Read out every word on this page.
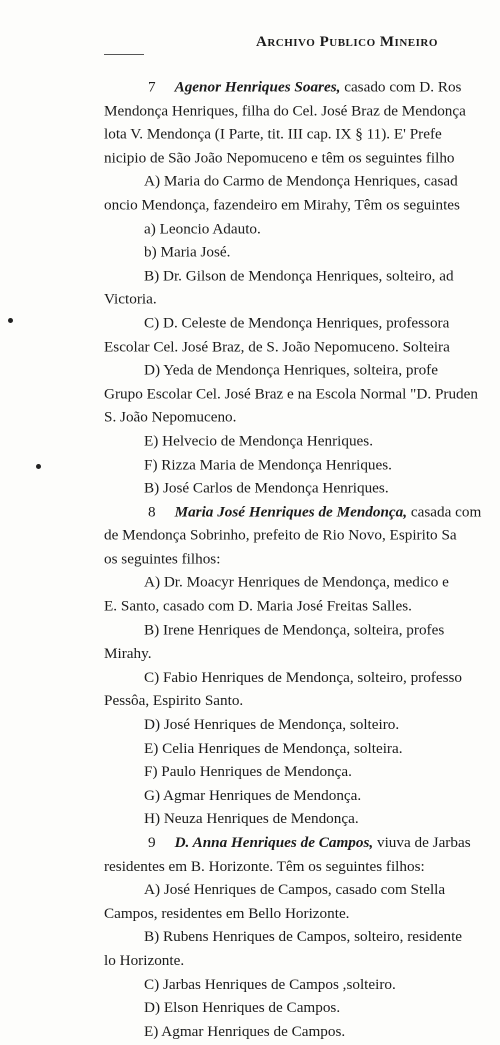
Archivo Publico Mineiro
7 Agenor Henriques Soares, casado com D. Ros
Mendonça Henriques, filha do Cel. José Braz de Mendonça
lota V. Mendonça (I Parte, tit. III cap. IX § 11). E' Prefe
nicipio de São João Nepomuceno e têm os seguintes filho
A) Maria do Carmo de Mendonça Henriques, casad
oncio Mendonça, fazendeiro em Mirahy, Têm os seguintes
a) Leoncio Adauto.
b) Maria José.
B) Dr. Gilson de Mendonça Henriques, solteiro, ad
Victoria.
C) D. Celeste de Mendonça Henriques, professora
Escolar Cel. José Braz, de S. João Nepomuceno. Solteira
D) Yeda de Mendonça Henriques, solteira, profe
Grupo Escolar Cel. José Braz e na Escola Normal "D. Pruden
S. João Nepomuceno.
E) Helvecio de Mendonça Henriques.
F) Rizza Maria de Mendonça Henriques.
B) José Carlos de Mendonça Henriques.
8 Maria José Henriques de Mendonça, casada com
de Mendonça Sobrinho, prefeito de Rio Novo, Espirito Sa
os seguintes filhos:
A) Dr. Moacyr Henriques de Mendonça, medico e
E. Santo, casado com D. Maria José Freitas Salles.
B) Irene Henriques de Mendonça, solteira, profes
Mirahy.
C) Fabio Henriques de Mendonça, solteiro, professo
Pessôa, Espirito Santo.
D) José Henriques de Mendonça, solteiro.
E) Celia Henriques de Mendonça, solteira.
F) Paulo Henriques de Mendonça.
G) Agmar Henriques de Mendonça.
H) Neuza Henriques de Mendonça.
9 D. Anna Henriques de Campos, viuva de Jarbas
residentes em B. Horizonte. Têm os seguintes filhos:
A) José Henriques de Campos, casado com Stella
Campos, residentes em Bello Horizonte.
B) Rubens Henriques de Campos, solteiro, residente
lo Horizonte.
C) Jarbas Henriques de Campos ,solteiro.
D) Elson Henriques de Campos.
E) Agmar Henriques de Campos.
